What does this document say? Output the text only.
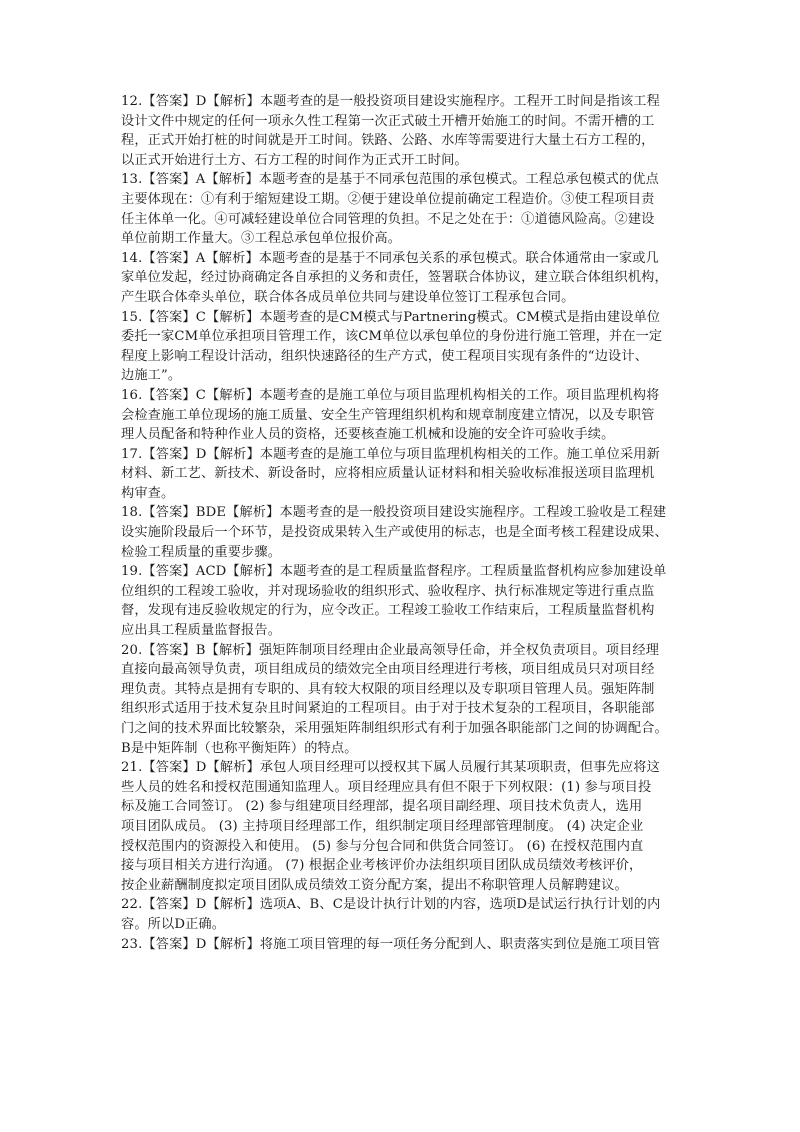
12.【答案】D【解析】本题考查的是一般投资项目建设实施程序。工程开工时间是指该工程
设计文件中规定的任何一项永久性工程第一次正式破土开槽开始施工的时间。不需开槽的工
程，正式开始打桩的时间就是开工时间。铁路、公路、水库等需要进行大量土石方工程的，
以正式开始进行土方、石方工程的时间作为正式开工时间。
13.【答案】A【解析】本题考查的是基于不同承包范围的承包模式。工程总承包模式的优点
主要体现在：①有利于缩短建设工期。②便于建设单位提前确定工程造价。③使工程项目责
任主体单一化。④可减轻建设单位合同管理的负担。不足之处在于：①道德风险高。②建设
单位前期工作量大。③工程总承包单位报价高。
14.【答案】A【解析】本题考查的是基于不同承包关系的承包模式。联合体通常由一家或几
家单位发起，经过协商确定各自承担的义务和责任，签署联合体协议，建立联合体组织机构，
产生联合体牵头单位，联合体各成员单位共同与建设单位签订工程承包合同。
15.【答案】C【解析】本题考查的是CM模式与Partnering模式。CM模式是指由建设单位
委托一家CM单位承担项目管理工作，该CM单位以承包单位的身份进行施工管理，并在一定
程度上影响工程设计活动，组织快速路径的生产方式，使工程项目实现有条件的“边设计、
边施工”。
16.【答案】C【解析】本题考查的是施工单位与项目监理机构相关的工作。项目监理机构将
会检查施工单位现场的施工质量、安全生产管理组织机构和规章制度建立情况，以及专职管
理人员配备和特种作业人员的资格，还要核查施工机械和设施的安全许可验收手续。
17.【答案】D【解析】本题考查的是施工单位与项目监理机构相关的工作。施工单位采用新
材料、新工艺、新技术、新设备时，应将相应质量认证材料和相关验收标准报送项目监理机
构审查。
18.【答案】BDE【解析】本题考查的是一般投资项目建设实施程序。工程竣工验收是工程建
设实施阶段最后一个环节，是投资成果转入生产或使用的标志，也是全面考核工程建设成果、
检验工程质量的重要步骤。
19.【答案】ACD【解析】本题考查的是工程质量监督程序。工程质量监督机构应参加建设单
位组织的工程竣工验收，并对现场验收的组织形式、验收程序、执行标准规定等进行重点监
督，发现有违反验收规定的行为，应令改正。工程竣工验收工作结束后，工程质量监督机构
应出具工程质量监督报告。
20.【答案】B【解析】强矩阵制项目经理由企业最高领导任命，并全权负责项目。项目经理
直接向最高领导负责，项目组成员的绩效完全由项目经理进行考核，项目组成员只对项目经
理负责。其特点是拥有专职的、具有较大权限的项目经理以及专职项目管理人员。强矩阵制
组织形式适用于技术复杂且时间紧迫的工程项目。由于对于技术复杂的工程项目，各职能部
门之间的技术界面比较繁杂，采用强矩阵制组织形式有利于加强各职能部门之间的协调配合。
B是中矩阵制（也称平衡矩阵）的特点。
21.【答案】D【解析】承包人项目经理可以授权其下属人员履行其某项职责，但事先应将这
些人员的姓名和授权范围通知监理人。项目经理应具有但不限于下列权限：(1) 参与项目投
标及施工合同签订。 (2) 参与组建项目经理部，提名项目副经理、项目技术负责人，选用
项目团队成员。 (3) 主持项目经理部工作，组织制定项目经理部管理制度。 (4) 决定企业
授权范围内的资源投入和使用。 (5) 参与分包合同和供货合同签订。 (6) 在授权范围内直
接与项目相关方进行沟通。 (7) 根据企业考核评价办法组织项目团队成员绩效考核评价，
按企业薪酬制度拟定项目团队成员绩效工资分配方案，提出不称职管理人员解聘建议。
22.【答案】D【解析】选项A、B、C是设计执行计划的内容，选项D是试运行执行计划的内
容。所以D正确。
23.【答案】D【解析】将施工项目管理的每一项任务分配到人、职责落实到位是施工项目管
